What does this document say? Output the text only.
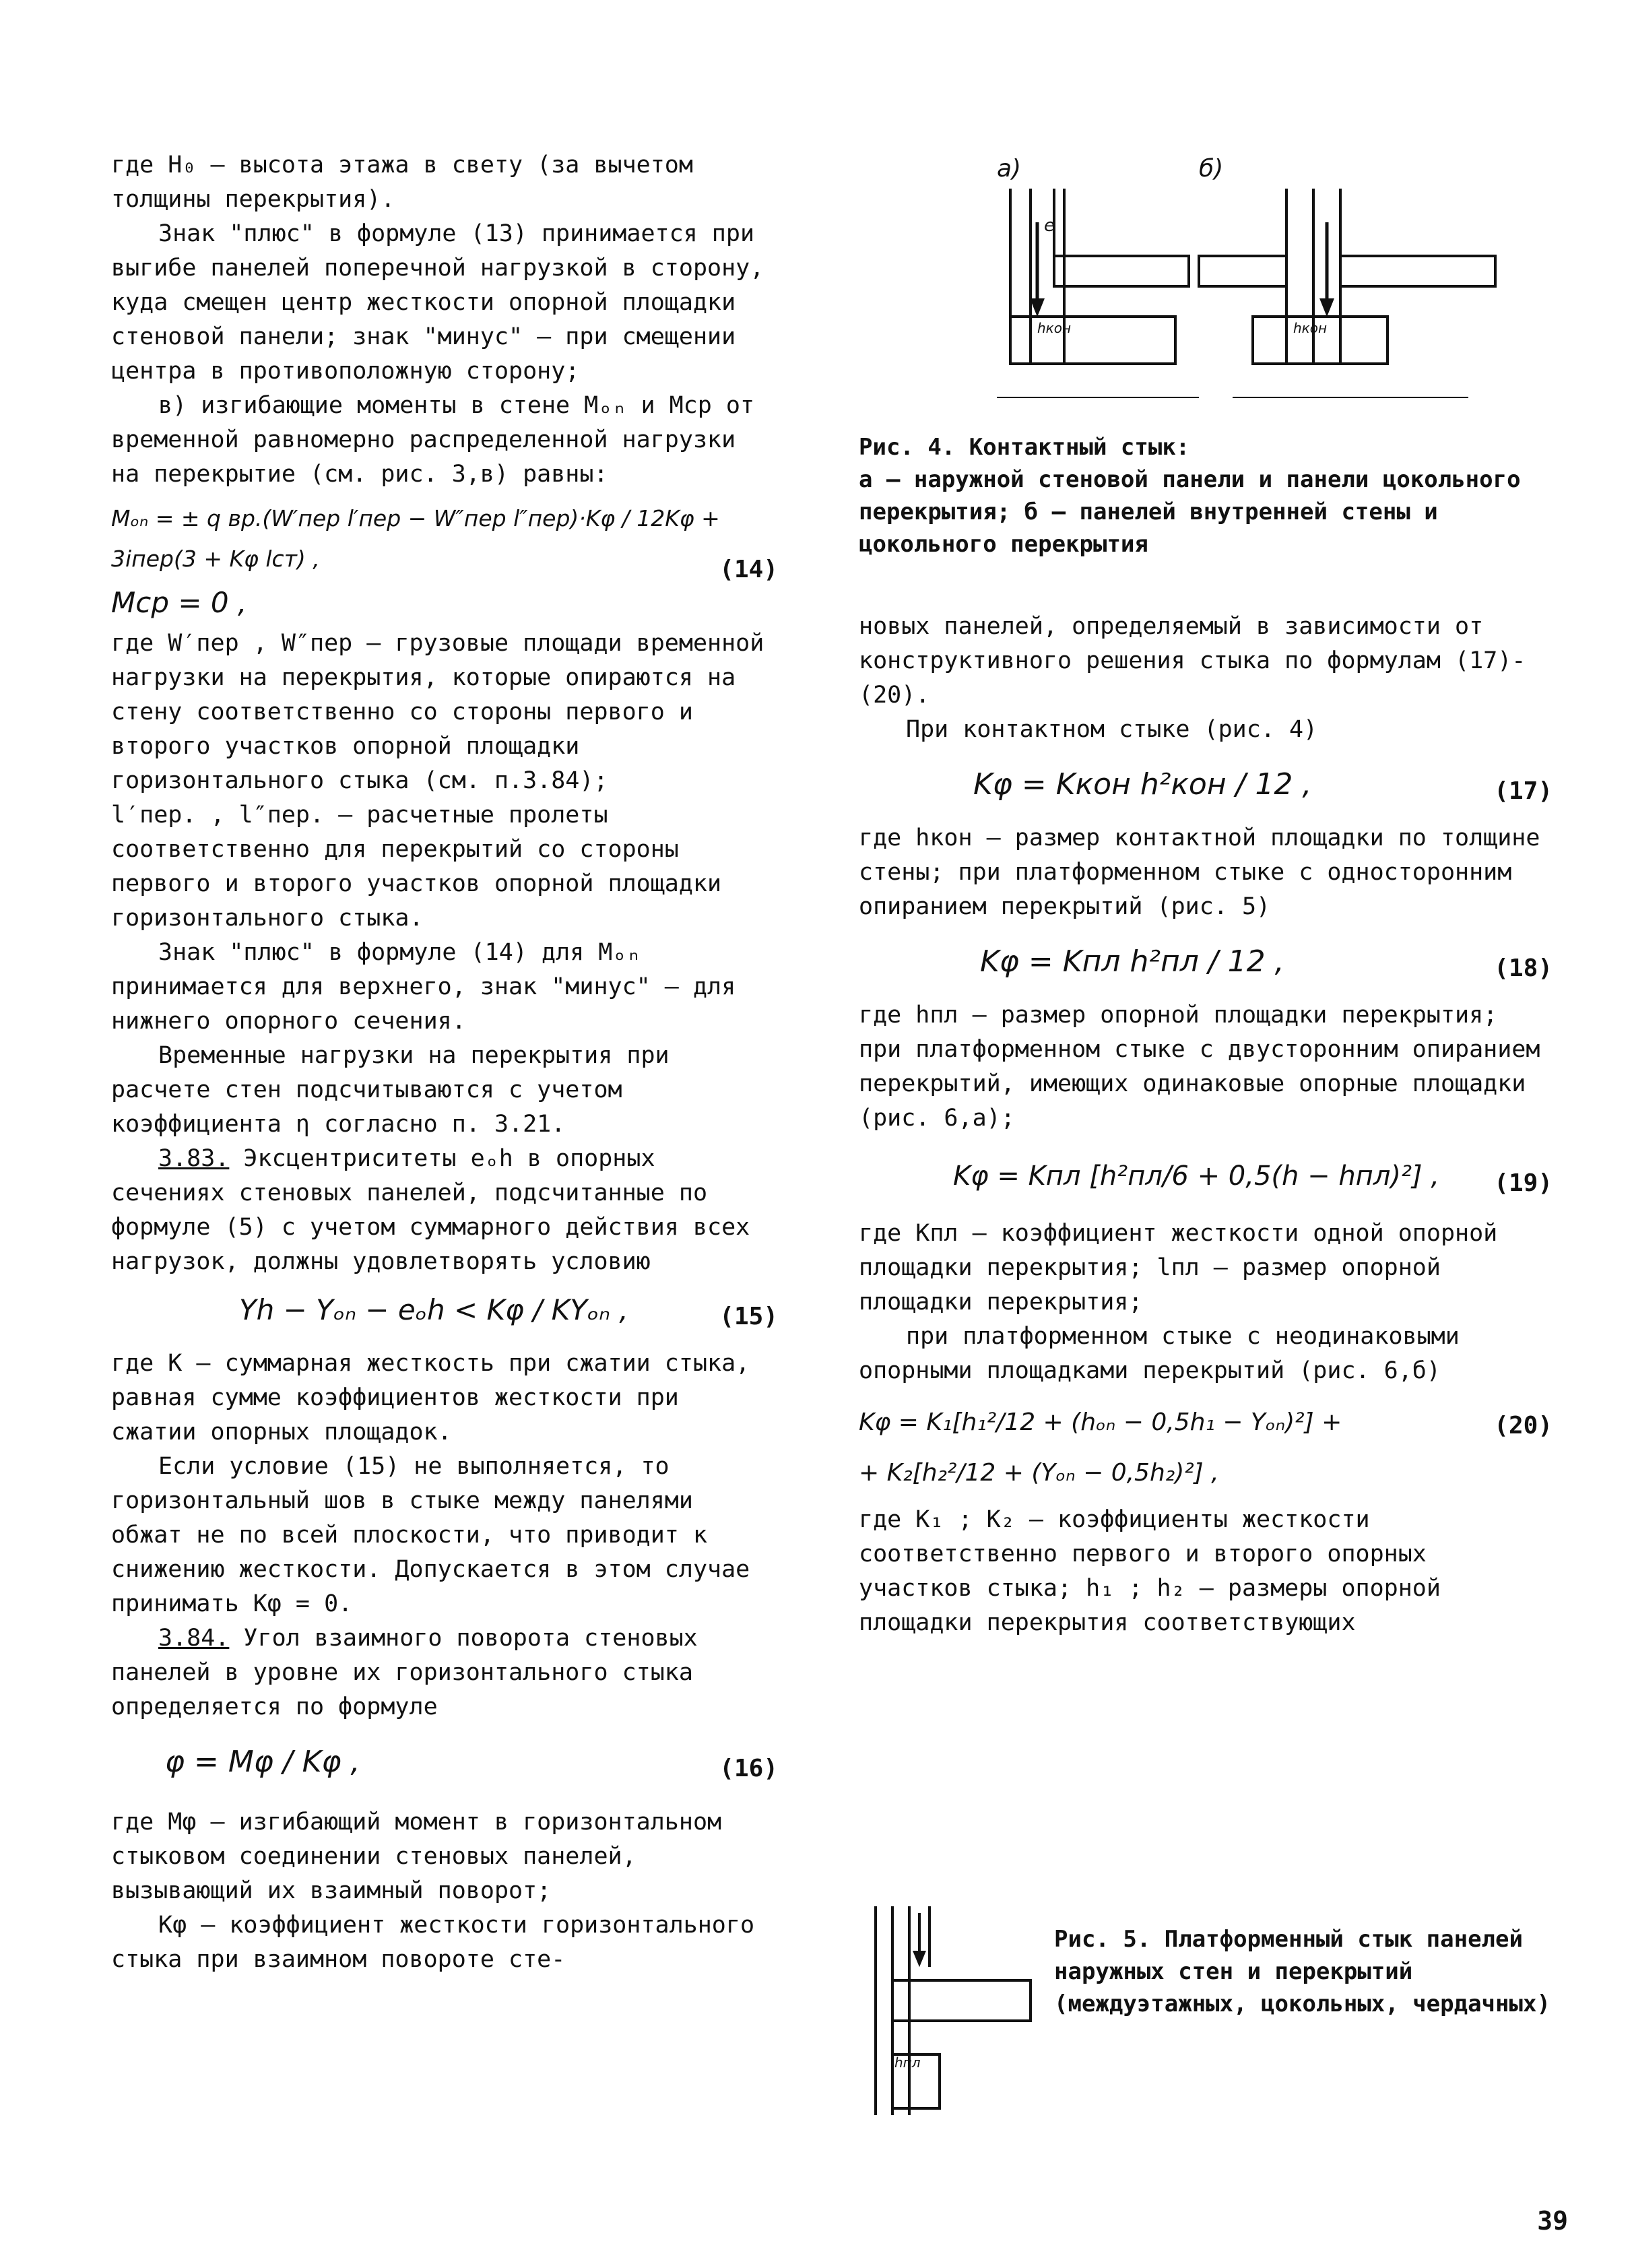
где Н₀ – высота этажа в свету (за вычетом толщины перекрытия).

Знак "плюс" в формуле (13) принимается при выгибе панелей поперечной нагрузкой в сторону, куда смещен центр жесткости опорной площадки стеновой панели; знак "минус" – при смещении центра в противоположную сторону;

в) изгибающие моменты в стене Mₒₙ и Mср от временной равномерно распределенной нагрузки на перекрытие (см. рис. 3,в) равны:

Mₒₙ = ± q вр.(W′пер l′пер − W″пер l″пер)·Kφ / 12Kφ + 3iпер(3 + Kφ lст) ,
Mср = 0 ,
(14)

где W′пер , W″пер – грузовые площади временной нагрузки на перекрытия, которые опираются на стену соответственно со стороны первого и второго участков опорной площадки горизонтального стыка (см. п.3.84);

l′пер. , l″пер. – расчетные пролеты соответственно для перекрытий со стороны первого и второго участков опорной площадки горизонтального стыка.

Знак "плюс" в формуле (14) для Mₒₙ принимается для верхнего, знак "минус" – для нижнего опорного сечения.

Временные нагрузки на перекрытия при расчете стен подсчитываются с учетом коэффициента η согласно п. 3.21.

3.83. Эксцентриситеты eₒh в опорных сечениях стеновых панелей, подсчитанные по формуле (5) с учетом суммарного действия всех нагрузок, должны удовлетворять условию

Yh − Yₒₙ − eₒh < Kφ / KYₒₙ ,	(15)

где K – суммарная жесткость при сжатии стыка, равная сумме коэффициентов жесткости при сжатии опорных площадок.

Если условие (15) не выполняется, то горизонтальный шов в стыке между панелями обжат не по всей плоскости, что приводит к снижению жесткости. Допускается в этом случае принимать Kφ = 0.

3.84. Угол взаимного поворота стеновых панелей в уровне их горизонтального стыка определяется по формуле

φ = Mφ / Kφ ,	(16)

где Mφ – изгибающий момент в горизонтальном стыковом соединении стеновых панелей, вызывающий их взаимный поворот;

Kφ – коэффициент жесткости горизонтального стыка при взаимном повороте сте-

а)	б)
e
hкон	hкон
Рис. 4. Контактный стык:
а – наружной стеновой панели и панели цокольного перекрытия; б – панелей внутренней стены и цокольного перекрытия

новых панелей, определяемый в зависимости от конструктивного решения стыка по формулам (17)-(20).

При контактном стыке (рис. 4)

Kφ = Kкон h²кон / 12 ,	(17)

где hкон – размер контактной площадки по толщине стены; при платформенном стыке с односторонним опиранием перекрытий (рис. 5)

Kφ = Kпл h²пл / 12 ,	(18)

где hпл – размер опорной площадки перекрытия; при платформенном стыке с двусторонним опиранием перекрытий, имеющих одинаковые опорные площадки (рис. 6,а);

Kφ = Kпл [h²пл/6 + 0,5(h − hпл)²] , (19)

где Kпл – коэффициент жесткости одной опорной площадки перекрытия; lпл – размер опорной площадки перекрытия;

при платформенном стыке с неодинаковыми опорными площадками перекрытий (рис. 6,б)

Kφ = K₁[h₁²/12 + (hₒₙ − 0,5h₁ − Yₒₙ)²] +
+ K₂[h₂²/12 + (Yₒₙ − 0,5h₂)²] ,
(20)

где K₁ ; K₂ – коэффициенты жесткости соответственно первого и второго опорных участков стыка; h₁ ; h₂ – размеры опорной площадки перекрытия соответствующих

hпл
Рис. 5. Платформенный стык панелей наружных стен и перекрытий (междуэтажных, цокольных, чердачных)
39
